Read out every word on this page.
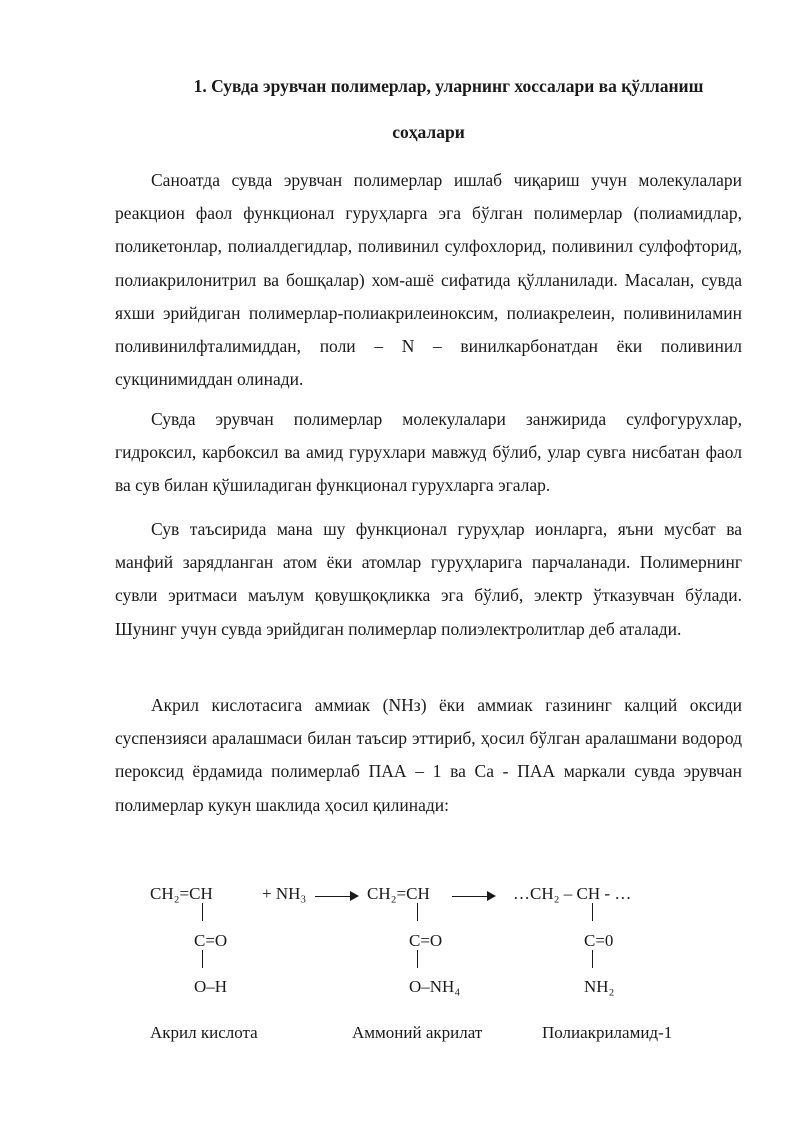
1. Сувда эрувчан полимерлар, уларнинг хоссалари ва қўлланиш
соҳалари

Саноатда сувда эрувчан полимерлар ишлаб чиқариш учун молекулалари реакцион фаол функционал гуруҳларга эга бўлган полимерлар (полиамидлар, поликетонлар, полиалдегидлар, поливинил сулфохлорид, поливинил сулфофторид, полиакрилонитрил ва бошқалар) хом-ашё сифатида қўлланилади. Масалан, сувда яхши эрийдиган полимерлар-полиакрилеиноксим, полиакрелеин, поливиниламин поливинилфталимиддан, поли – N – винилкарбонатдан ёки поливинил сукцинимиддан олинади.

Сувда эрувчан полимерлар молекулалари занжирида сулфогурухлар, гидроксил, карбоксил ва амид гурухлари мавжуд бўлиб, улар сувга нисбатан фаол ва сув билан қўшиладиган функционал гурухларга эгалар.

Сув таъсирида мана шу функционал гуруҳлар ионларга, яъни мусбат ва манфий зарядланган атом ёки атомлар гуруҳларига парчаланади. Полимернинг сувли эритмаси маълум қовушқоқликка эга бўлиб, электр ўтказувчан бўлади. Шунинг учун сувда эрийдиган полимерлар полиэлектролитлар деб аталади.

Акрил кислотасига аммиак (NHз) ёки аммиак газининг калций оксиди суспензияси аралашмаси билан таъсир эттириб, ҳосил бўлган аралашмани водород пероксид ёрдамида полимерлаб ПАА – 1 ва Са - ПАА маркали сувда эрувчан полимерлар кукун шаклида ҳосил қилинади:

CH₂=CH
C=O
O–H
Акрил кислота
+ NH₃ → CH₂=CH
C=O
O–NH₄
Аммоний акрилат
→ …CH₂ – CH - …
C=0
NH₂
Полиакриламид-1
